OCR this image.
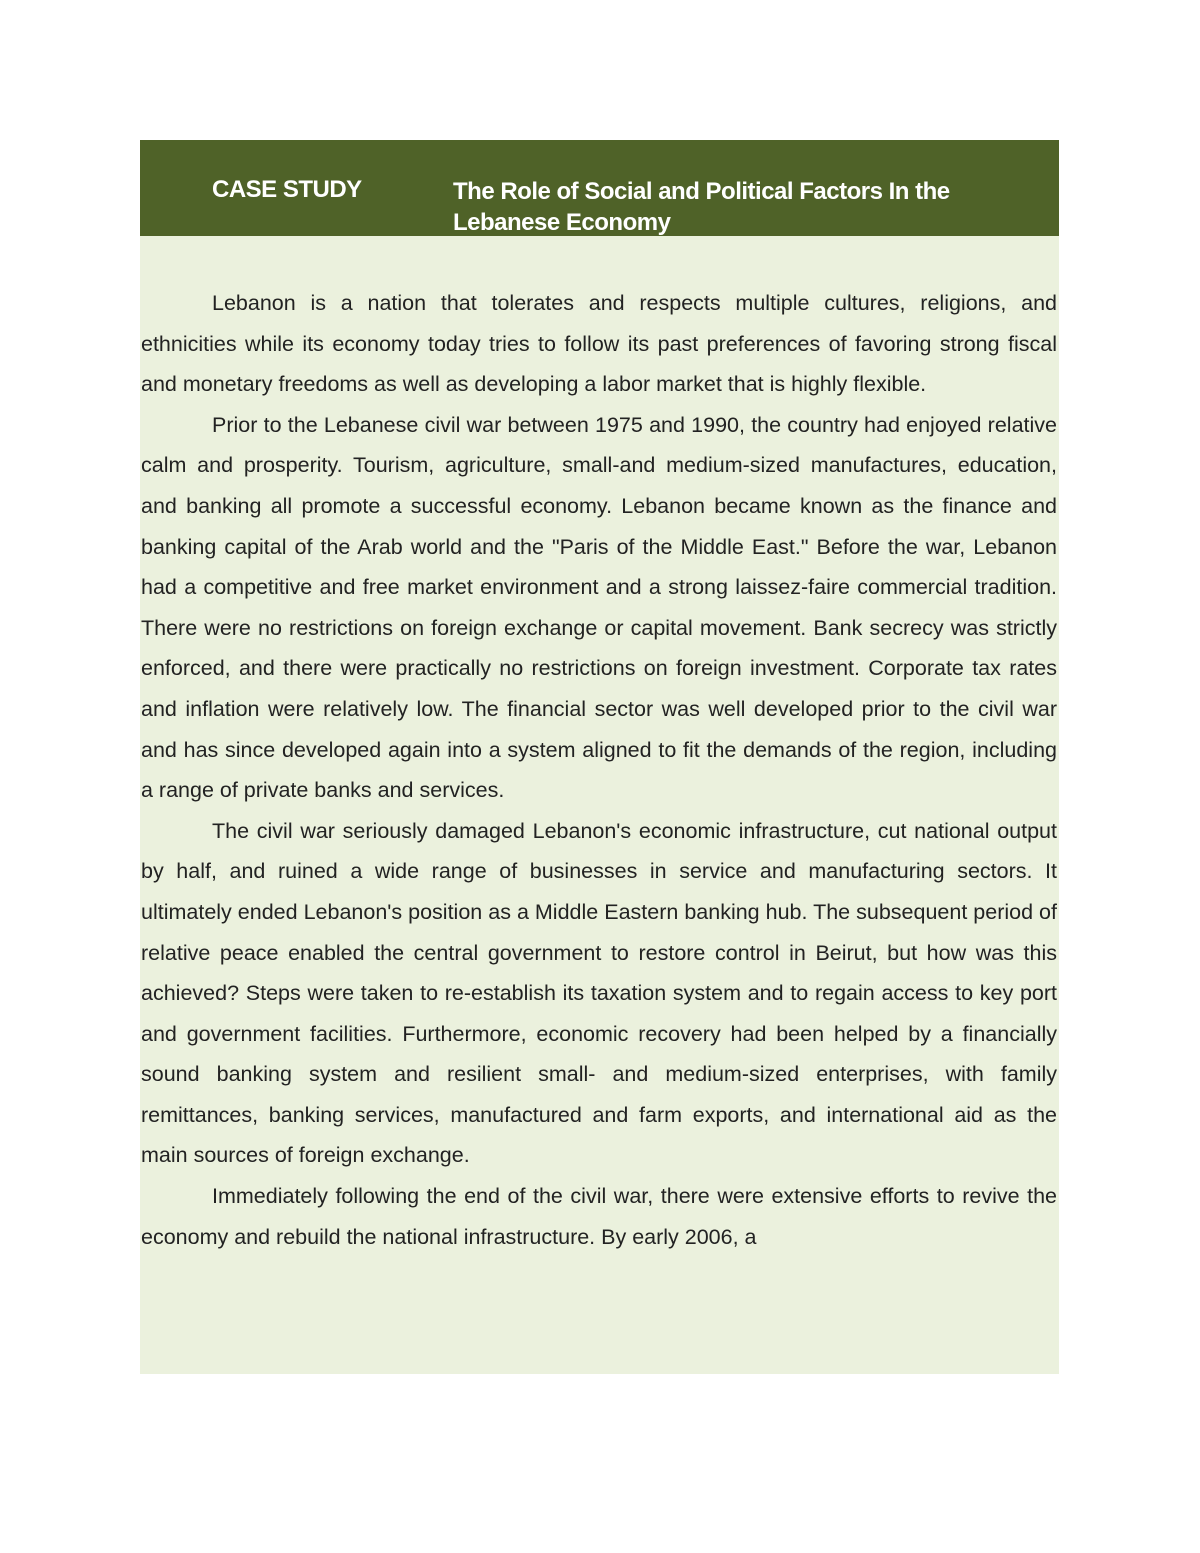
CASE STUDY	The Role of Social and Political Factors In the Lebanese Economy

Lebanon is a nation that tolerates and respects multiple cultures, religions, and ethnicities while its economy today tries to follow its past preferences of favoring strong fiscal and monetary freedoms as well as developing a labor market that is highly flexible.

Prior to the Lebanese civil war between 1975 and 1990, the country had enjoyed relative calm and prosperity. Tourism, agriculture, small-and medium-sized manufactures, education, and banking all promote a successful economy. Lebanon became known as the finance and banking capital of the Arab world and the "Paris of the Middle East." Before the war, Lebanon had a competitive and free market environment and a strong laissez-faire commercial tradition. There were no restrictions on foreign exchange or capital movement. Bank secrecy was strictly enforced, and there were practically no restrictions on foreign investment. Corporate tax rates and inflation were relatively low. The financial sector was well developed prior to the civil war and has since developed again into a system aligned to fit the demands of the region, including a range of private banks and services.

The civil war seriously damaged Lebanon's economic infrastructure, cut national output by half, and ruined a wide range of businesses in service and manufacturing sectors. It ultimately ended Lebanon's position as a Middle Eastern banking hub. The subsequent period of relative peace enabled the central government to restore control in Beirut, but how was this achieved? Steps were taken to re-establish its taxation system and to regain access to key port and government facilities. Furthermore, economic recovery had been helped by a financially sound banking system and resilient small- and medium-sized enterprises, with family remittances, banking services, manufactured and farm exports, and international aid as the main sources of foreign exchange.

Immediately following the end of the civil war, there were extensive efforts to revive the economy and rebuild the national infrastructure. By early 2006, a
